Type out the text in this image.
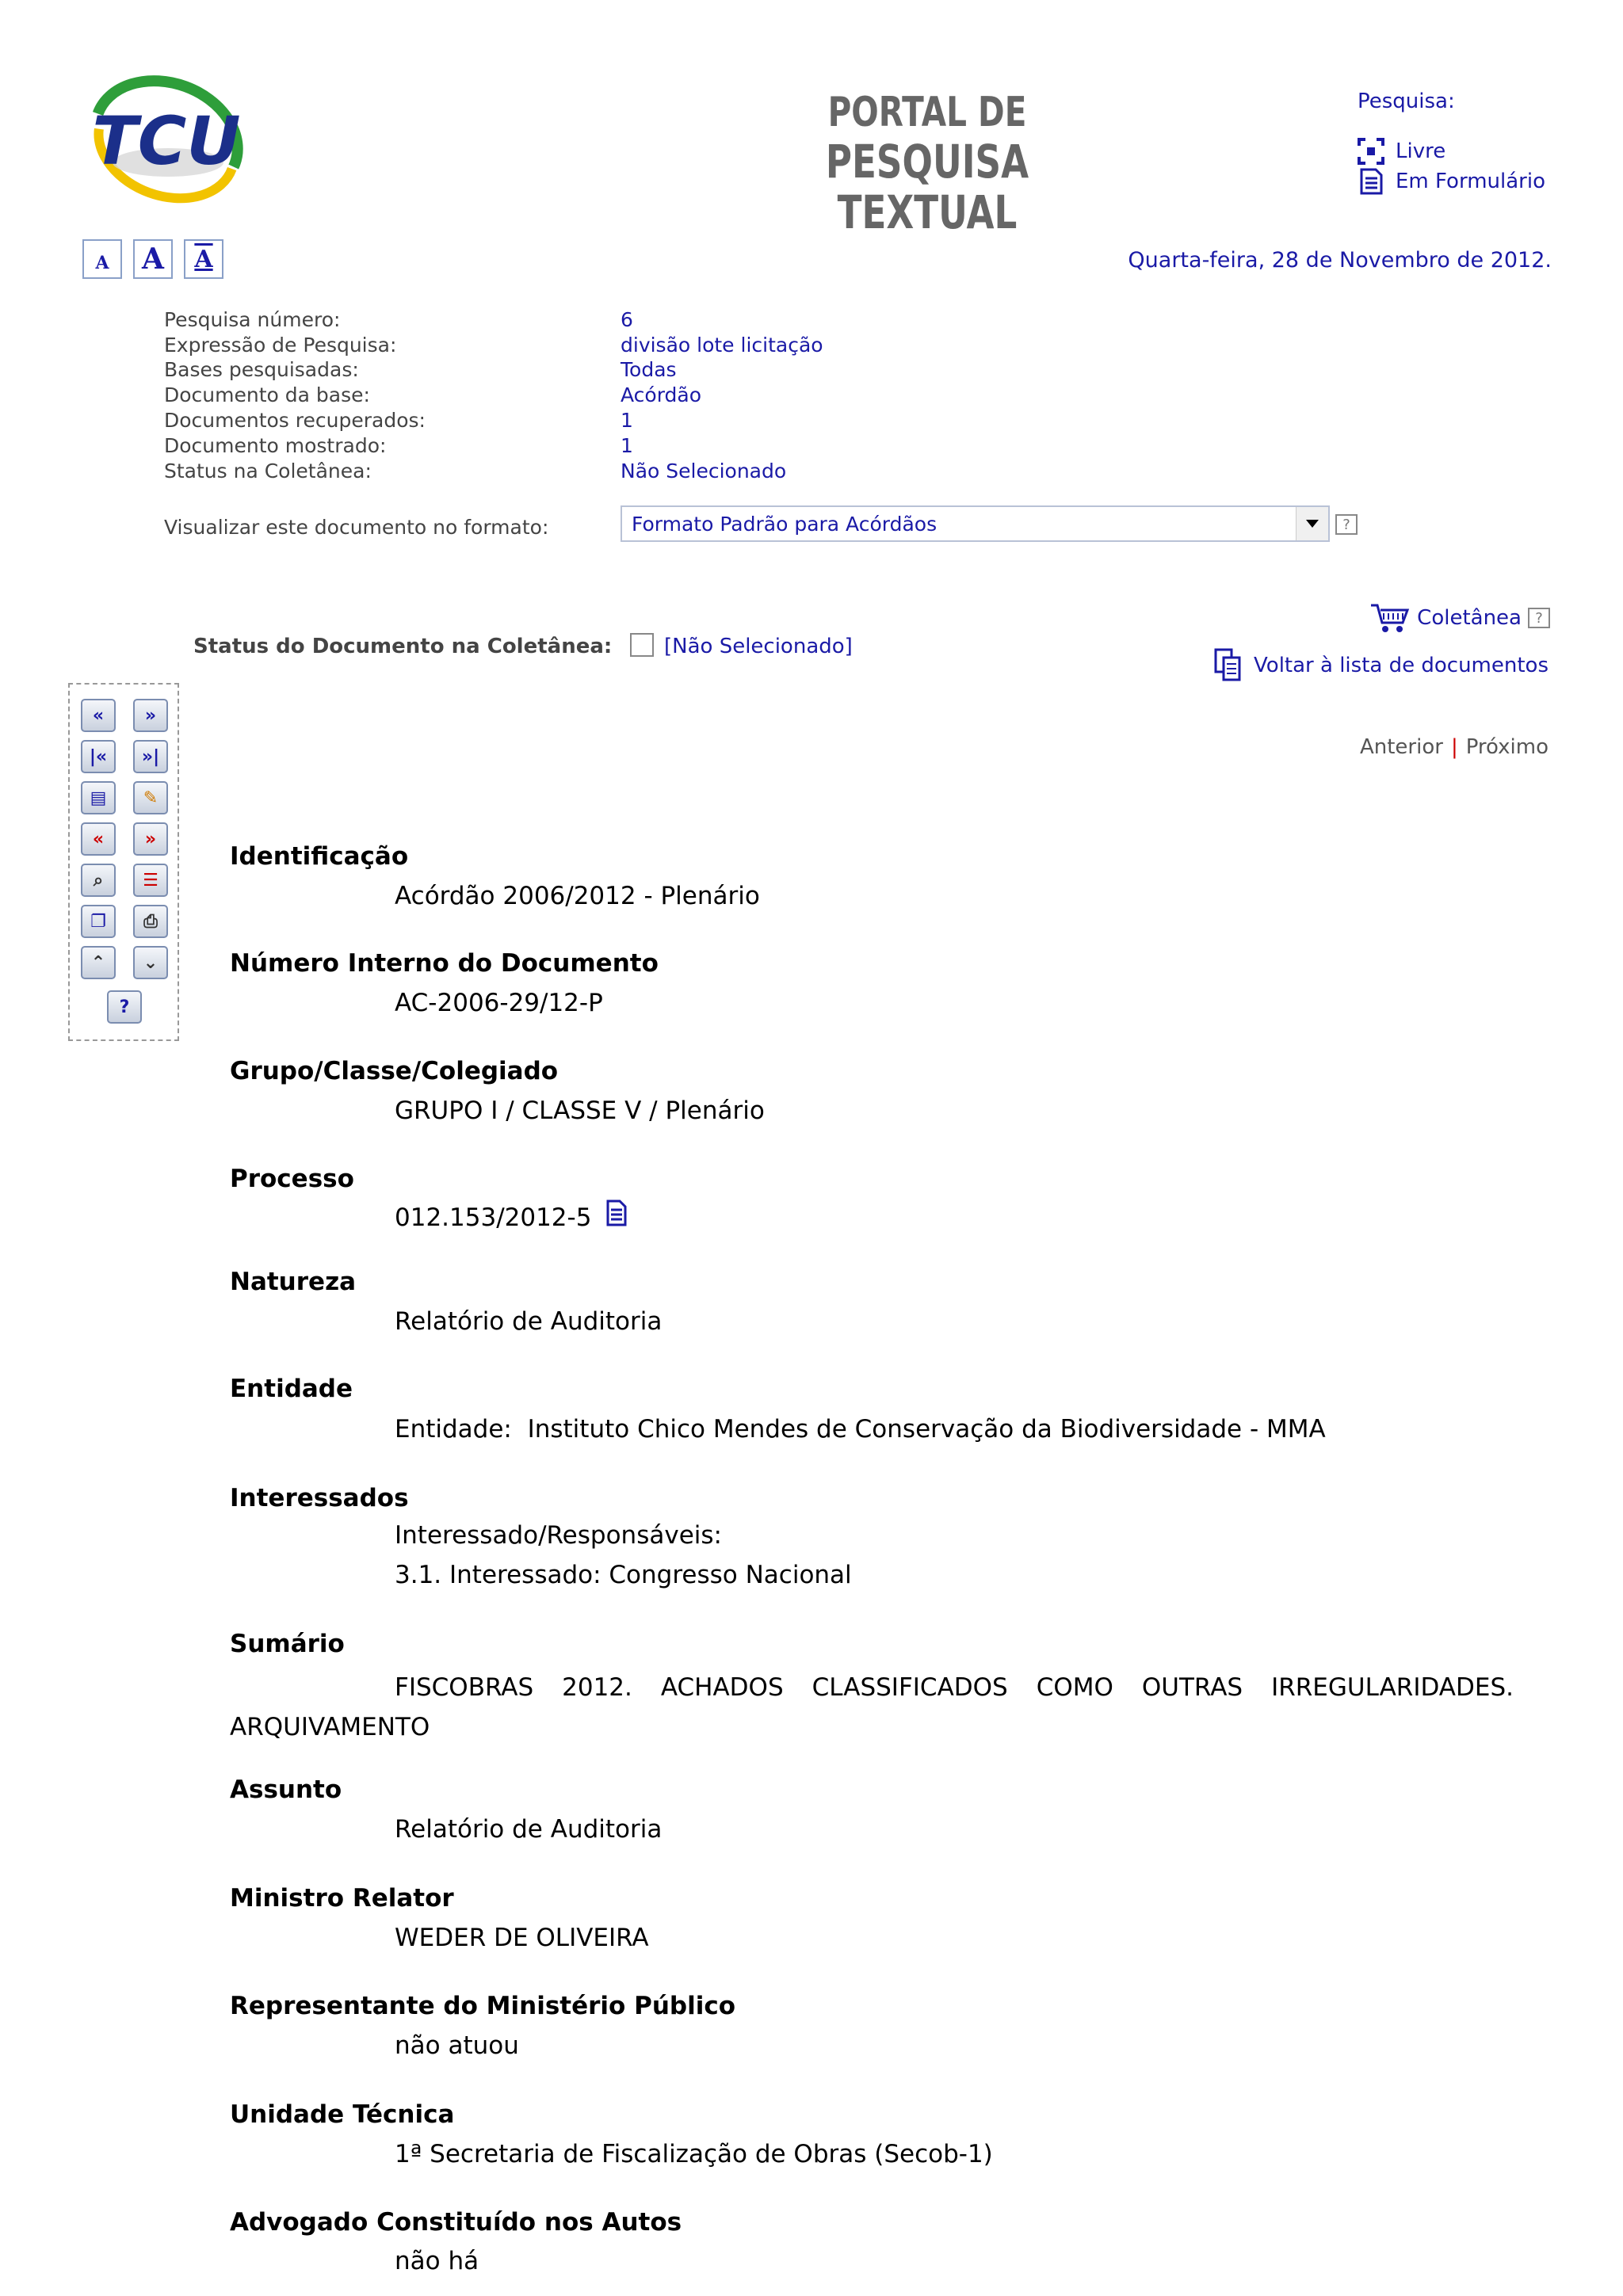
TCU	PORTAL DE
PESQUISA TEXTUAL
Pesquisa:
Livre
Em Formulário
A A A	Quarta-feira, 28 de Novembro de 2012.
Pesquisa número:	6
Expressão de Pesquisa:	divisão lote licitação
Bases pesquisadas:	Todas
Documento da base:	Acórdão
Documentos recuperados:	1
Documento mostrado:	1
Status na Coletânea:	Não Selecionado
Visualizar este documento no formato:	Formato Padrão para Acórdãos	?
Status do Documento na Coletânea:	[Não Selecionado]
Coletânea ?
Voltar à lista de documentos
Anterior | Próximo
« »
|« »|
▤ ✎
« »
⌕ ☰
❐ ⎙
⌃ ⌄
?
Identificação
Acórdão 2006/2012 - Plenário
Número Interno do Documento
AC-2006-29/12-P
Grupo/Classe/Colegiado
GRUPO I / CLASSE V / Plenário
Processo
012.153/2012-5
Natureza
Relatório de Auditoria
Entidade
Entidade:  Instituto Chico Mendes de Conservação da Biodiversidade - MMA
Interessados
Interessado/Responsáveis:
3.1. Interessado: Congresso Nacional
Sumário
FISCOBRAS 2012. ACHADOS CLASSIFICADOS COMO OUTRAS IRREGULARIDADES. ARQUIVAMENTO
Assunto
Relatório de Auditoria
Ministro Relator
WEDER DE OLIVEIRA
Representante do Ministério Público
não atuou
Unidade Técnica
1ª Secretaria de Fiscalização de Obras (Secob-1)
Advogado Constituído nos Autos
não há
